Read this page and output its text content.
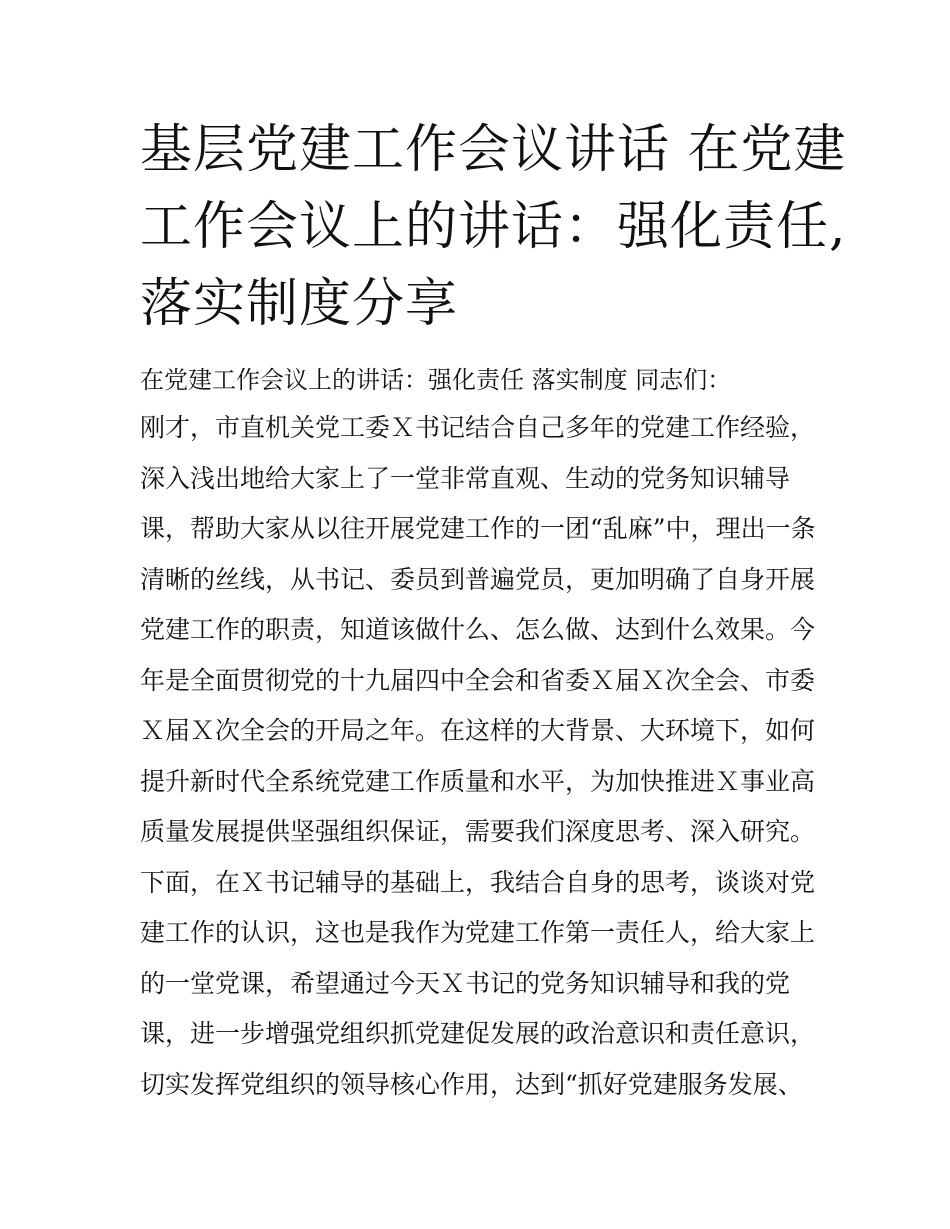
基层党建工作会议讲话 在党建
工作会议上的讲话：强化责任,
落实制度分享
在党建工作会议上的讲话：强化责任 落实制度 同志们：
刚才，市直机关党工委Ｘ书记结合自己多年的党建工作经验，
深入浅出地给大家上了一堂非常直观、生动的党务知识辅导
课，帮助大家从以往开展党建工作的一团“乱麻”中，理出一条
清晰的丝线，从书记、委员到普遍党员，更加明确了自身开展
党建工作的职责，知道该做什么、怎么做、达到什么效果。今
年是全面贯彻党的十九届四中全会和省委Ｘ届Ｘ次全会、市委
Ｘ届Ｘ次全会的开局之年。在这样的大背景、大环境下，如何
提升新时代全系统党建工作质量和水平，为加快推进Ｘ事业高
质量发展提供坚强组织保证，需要我们深度思考、深入研究。
下面，在Ｘ书记辅导的基础上，我结合自身的思考，谈谈对党
建工作的认识，这也是我作为党建工作第一责任人，给大家上
的一堂党课，希望通过今天Ｘ书记的党务知识辅导和我的党
课，进一步增强党组织抓党建促发展的政治意识和责任意识，
切实发挥党组织的领导核心作用，达到“抓好党建服务发展、
